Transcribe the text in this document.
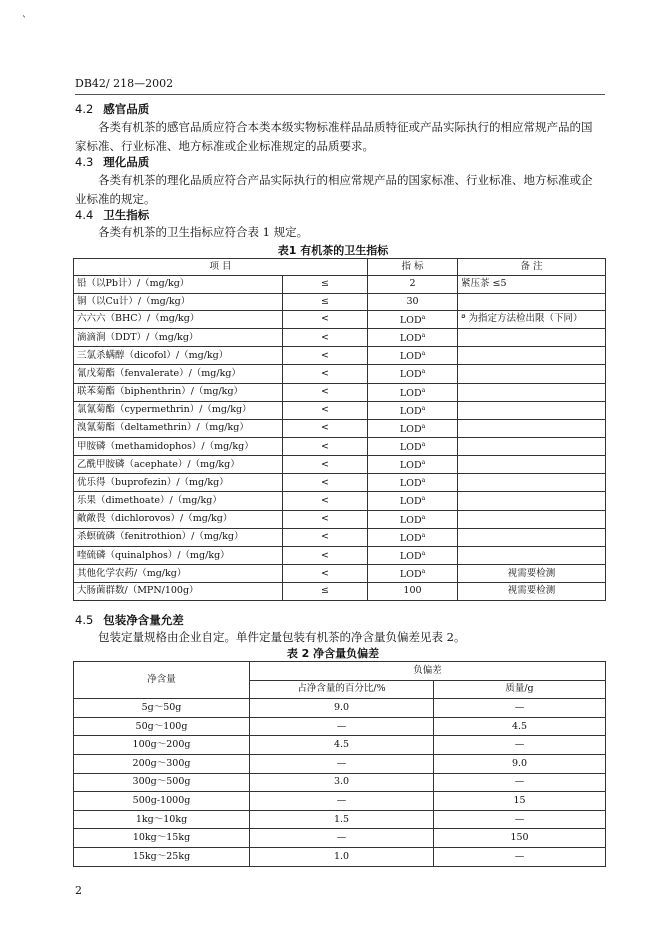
ˋ
DB42/ 218—2002
4.2 感官品质
各类有机茶的感官品质应符合本类本级实物标准样品品质特征或产品实际执行的相应常规产品的国家标准、行业标准、地方标准或企业标准规定的品质要求。
4.3 理化品质
各类有机茶的理化品质应符合产品实际执行的相应常规产品的国家标准、行业标准、地方标准或企业标准的规定。
4.4 卫生指标
各类有机茶的卫生指标应符合表 1 规定。
表1 有机茶的卫生指标
项 目		指 标	备 注
铅（以Pb计）/（mg/kg）	≤	2	紧压茶 ≤5
铜（以Cu计）/（mg/kg）	≤	30	
六六六（BHC）/（mg/kg）	<	$LOD^a$	ª 为指定方法检出限（下同）
滴滴涧（DDT）/（mg/kg）	<	$LOD^a$	
三氯杀螨醇（dicofol）/（mg/kg）	<	$LOD^a$	
氰戊菊酯（fenvalerate）/（mg/kg）	<	$LOD^a$	
联苯菊酯（biphenthrin）/（mg/kg）	<	$LOD^a$	
氯氰菊酯（cypermethrin）/（mg/kg）	<	$LOD^a$	
溴氰菊酯（deltamethrin）/（mg/kg）	<	$LOD^a$	
甲胺磷（methamidophos）/（mg/kg）	<	$LOD^a$	
乙酰甲胺磷（acephate）/（mg/kg）	<	$LOD^a$	
优乐得（buprofezin）/（mg/kg）	<	$LOD^a$	
乐果（dimethoate）/（mg/kg）	<	$LOD^a$	
敵敵畏（dichlorovos）/（mg/kg）	<	$LOD^a$	
杀螟硫磷（fenitrothion）/（mg/kg）	<	$LOD^a$	
喹硫磷（quinalphos）/（mg/kg）	<	$LOD^a$	
其他化学农药/（mg/kg）	<	$LOD^a$	视需要检测
大肠菌群数/（MPN/100g）	≤	100	视需要检测
4.5 包装净含量允差
包装定量规格由企业自定。单件定量包装有机茶的净含量负偏差见表 2。
表 2 净含量负偏差
净含量	负偏差	
	占净含量的百分比/%	质量/g
5g～50g	9.0	—
50g～100g	—	4.5
100g～200g	4.5	—
200g～300g	—	9.0
300g～500g	3.0	—
500g-1000g	—	15
1kg～10kg	1.5	—
10kg～15kg	—	150
15kg～25kg	1.0	—
2
